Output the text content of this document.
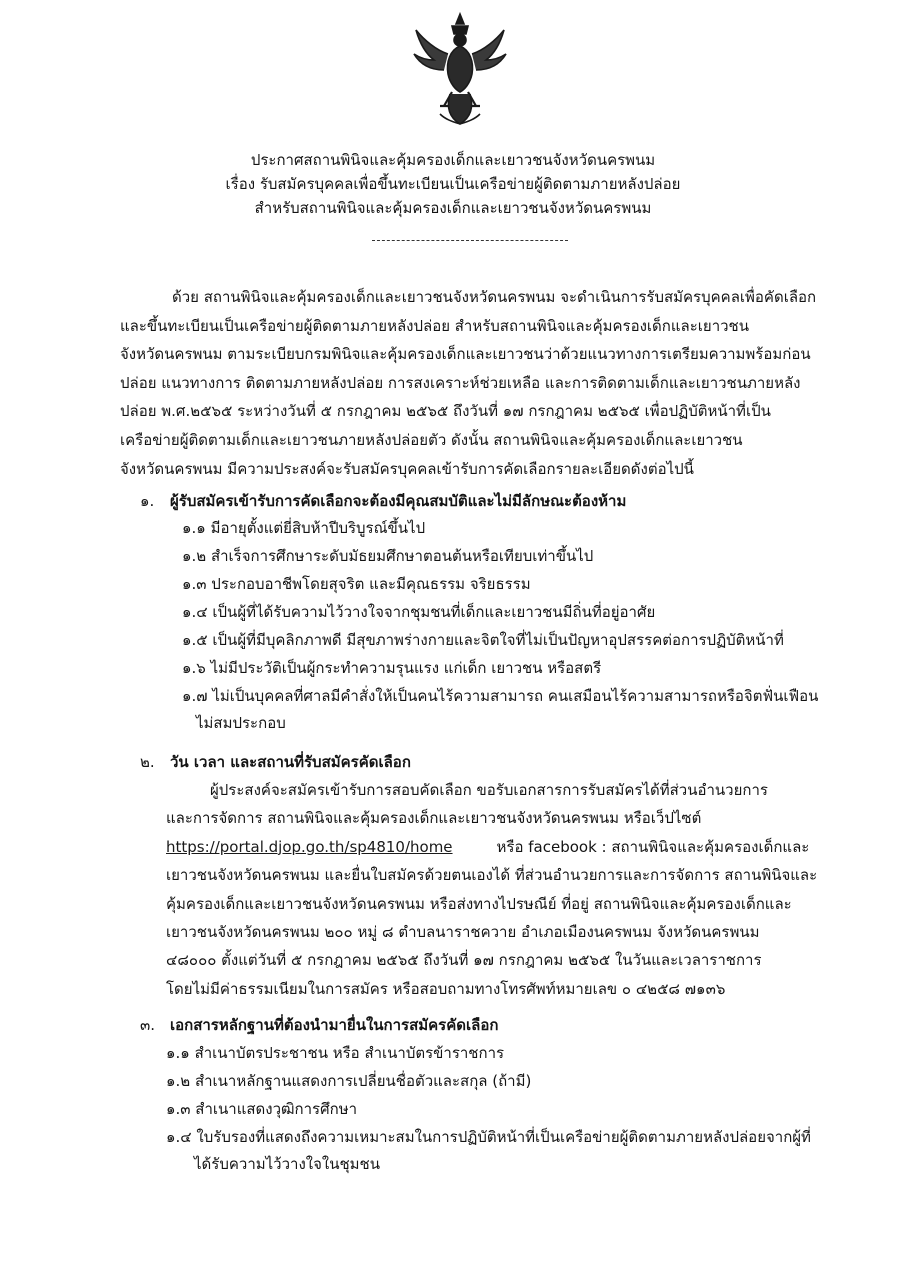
ประกาศสถานพินิจและคุ้มครองเด็กและเยาวชนจังหวัดนครพนม
เรื่อง รับสมัครบุคคลเพื่อขึ้นทะเบียนเป็นเครือข่ายผู้ติดตามภายหลังปล่อย
สำหรับสถานพินิจและคุ้มครองเด็กและเยาวชนจังหวัดนครพนม
ด้วย สถานพินิจและคุ้มครองเด็กและเยาวชนจังหวัดนครพนม จะดำเนินการรับสมัครบุคคลเพื่อคัดเลือก
และขึ้นทะเบียนเป็นเครือข่ายผู้ติดตามภายหลังปล่อย สำหรับสถานพินิจและคุ้มครองเด็กและเยาวชน
จังหวัดนครพนม ตามระเบียบกรมพินิจและคุ้มครองเด็กและเยาวชนว่าด้วยแนวทางการเตรียมความพร้อมก่อน
ปล่อย แนวทางการ ติดตามภายหลังปล่อย การสงเคราะห์ช่วยเหลือ และการติดตามเด็กและเยาวชนภายหลัง
ปล่อย พ.ศ.๒๕๖๕ ระหว่างวันที่ ๕ กรกฎาคม ๒๕๖๕ ถึงวันที่ ๑๗ กรกฎาคม ๒๕๖๕ เพื่อปฏิบัติหน้าที่เป็น
เครือข่ายผู้ติดตามเด็กและเยาวชนภายหลังปล่อยตัว ดังนั้น สถานพินิจและคุ้มครองเด็กและเยาวชน
จังหวัดนครพนม มีความประสงค์จะรับสมัครบุคคลเข้ารับการคัดเลือกรายละเอียดดังต่อไปนี้
๑. ผู้รับสมัครเข้ารับการคัดเลือกจะต้องมีคุณสมบัติและไม่มีลักษณะต้องห้าม
๑.๑ มีอายุตั้งแต่ยี่สิบห้าปีบริบูรณ์ขึ้นไป
๑.๒ สำเร็จการศึกษาระดับมัธยมศึกษาตอนต้นหรือเทียบเท่าขึ้นไป
๑.๓ ประกอบอาชีพโดยสุจริต และมีคุณธรรม จริยธรรม
๑.๔ เป็นผู้ที่ได้รับความไว้วางใจจากชุมชนที่เด็กและเยาวชนมีถิ่นที่อยู่อาศัย
๑.๕ เป็นผู้ที่มีบุคลิกภาพดี มีสุขภาพร่างกายและจิตใจที่ไม่เป็นปัญหาอุปสรรคต่อการปฏิบัติหน้าที่
๑.๖ ไม่มีประวัติเป็นผู้กระทำความรุนแรง แก่เด็ก เยาวชน หรือสตรี
๑.๗ ไม่เป็นบุคคลที่ศาลมีคำสั่งให้เป็นคนไร้ความสามารถ คนเสมือนไร้ความสามารถหรือจิตฟั่นเฟือน
ไม่สมประกอบ
๒. วัน เวลา และสถานที่รับสมัครคัดเลือก
ผู้ประสงค์จะสมัครเข้ารับการสอบคัดเลือก ขอรับเอกสารการรับสมัครได้ที่ส่วนอำนวยการ
และการจัดการ สถานพินิจและคุ้มครองเด็กและเยาวชนจังหวัดนครพนม หรือเว็ปไซต์
https://portal.djop.go.th/sp4810/home	หรือ facebook : สถานพินิจและคุ้มครองเด็กและ
เยาวชนจังหวัดนครพนม และยื่นใบสมัครด้วยตนเองได้ ที่ส่วนอำนวยการและการจัดการ สถานพินิจและ
คุ้มครองเด็กและเยาวชนจังหวัดนครพนม หรือส่งทางไปรษณีย์ ที่อยู่ สถานพินิจและคุ้มครองเด็กและ
เยาวชนจังหวัดนครพนม ๒๐๐ หมู่ ๘ ตำบลนาราชควาย อำเภอเมืองนครพนม จังหวัดนครพนม
๔๘๐๐๐ ตั้งแต่วันที่ ๕ กรกฎาคม ๒๕๖๕ ถึงวันที่ ๑๗ กรกฎาคม ๒๕๖๕ ในวันและเวลาราชการ
โดยไม่มีค่าธรรมเนียมในการสมัคร หรือสอบถามทางโทรศัพท์หมายเลข ๐ ๔๒๕๘ ๗๑๓๖
๓. เอกสารหลักฐานที่ต้องนำมายื่นในการสมัครคัดเลือก
๑.๑ สำเนาบัตรประชาชน หรือ สำเนาบัตรข้าราชการ
๑.๒ สำเนาหลักฐานแสดงการเปลี่ยนชื่อตัวและสกุล (ถ้ามี)
๑.๓ สำเนาแสดงวุฒิการศึกษา
๑.๔ ใบรับรองที่แสดงถึงความเหมาะสมในการปฏิบัติหน้าที่เป็นเครือข่ายผู้ติดตามภายหลังปล่อยจากผู้ที่
ได้รับความไว้วางใจในชุมชน
